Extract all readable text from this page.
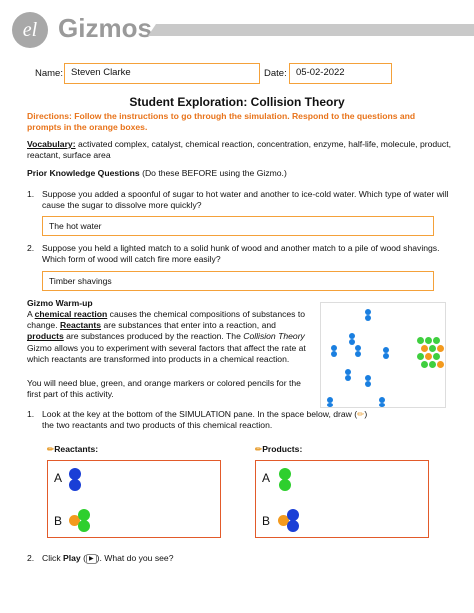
el Gizmos
Name: Steven Clarke	Date: 05-02-2022
Student Exploration: Collision Theory
Directions: Follow the instructions to go through the simulation. Respond to the questions and prompts in the orange boxes.
Vocabulary: activated complex, catalyst, chemical reaction, concentration, enzyme, half-life, molecule, product, reactant, surface area
Prior Knowledge Questions (Do these BEFORE using the Gizmo.)
1. Suppose you added a spoonful of sugar to hot water and another to ice-cold water. Which type of water will cause the sugar to dissolve more quickly?
The hot water
2. Suppose you held a lighted match to a solid hunk of wood and another match to a pile of wood shavings. Which form of wood will catch fire more easily?
Timber shavings
Gizmo Warm-up
A chemical reaction causes the chemical compositions of substances to change. Reactants are substances that enter into a reaction, and products are substances produced by the reaction. The Collision Theory Gizmo allows you to experiment with several factors that affect the rate at which reactants are transformed into products in a chemical reaction.
You will need blue, green, and orange markers or colored pencils for the first part of this activity.
1. Look at the key at the bottom of the SIMULATION pane. In the space below, draw (✏) the two reactants and two products of this chemical reaction.
✏Reactants:	✏Products:
A
B
A
B
2. Click Play ( ▶ ). What do you see?
